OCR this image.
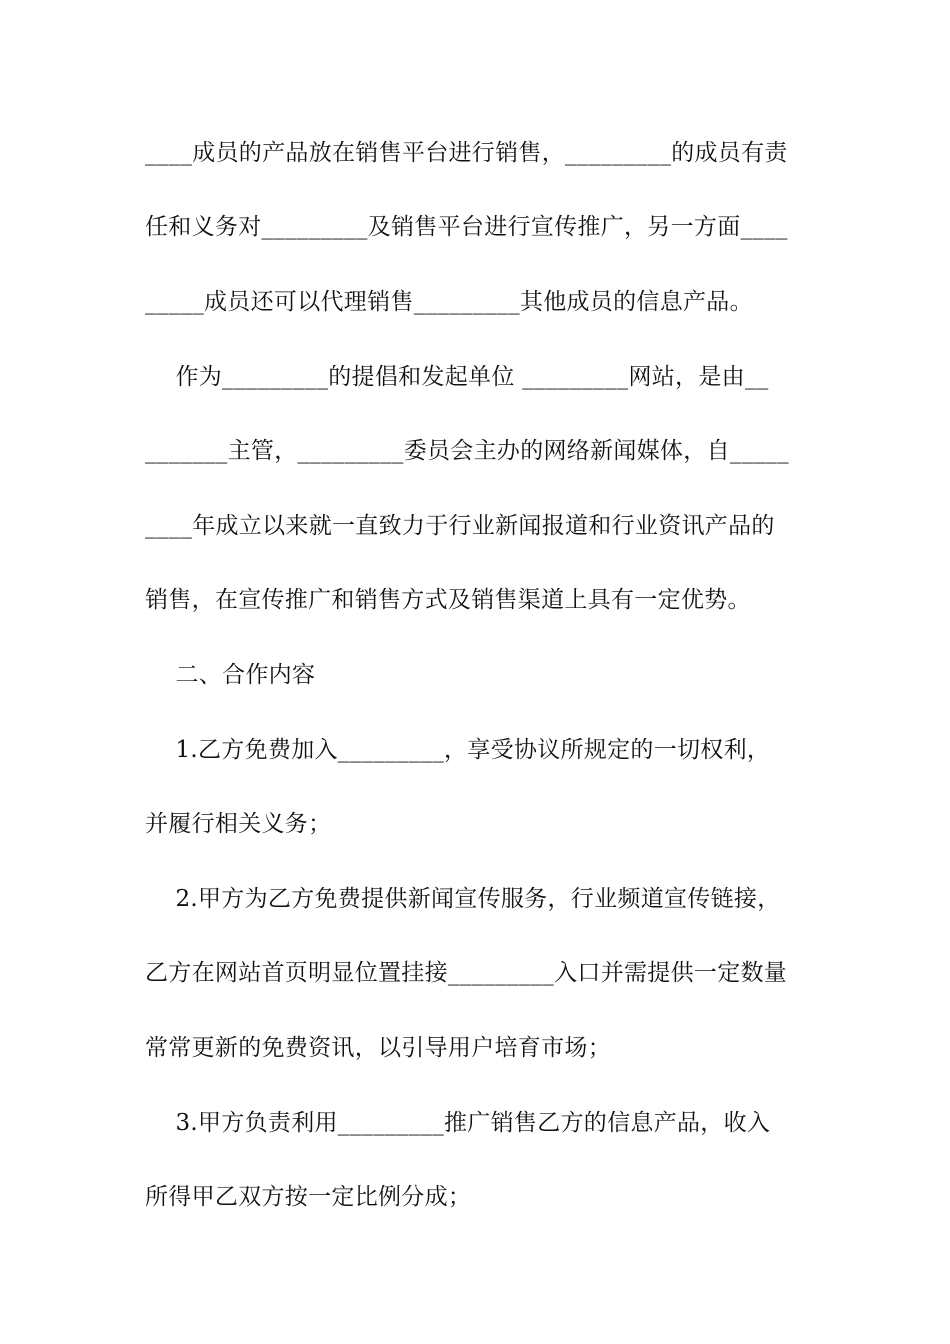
____成员的产品放在销售平台进行销售，_________的成员有责
任和义务对_________及销售平台进行宣传推广，另一方面____
_____成员还可以代理销售_________其他成员的信息产品。
作为_________的提倡和发起单位 _________网站，是由__
_______主管，_________委员会主办的网络新闻媒体，自_____
____年成立以来就一直致力于行业新闻报道和行业资讯产品的
销售，在宣传推广和销售方式及销售渠道上具有一定优势。
二、合作内容
1.乙方免费加入_________，享受协议所规定的一切权利，
并履行相关义务；
2.甲方为乙方免费提供新闻宣传服务，行业频道宣传链接，
乙方在网站首页明显位置挂接_________入口并需提供一定数量
常常更新的免费资讯，以引导用户培育市场；
3.甲方负责利用_________推广销售乙方的信息产品，收入
所得甲乙双方按一定比例分成；
